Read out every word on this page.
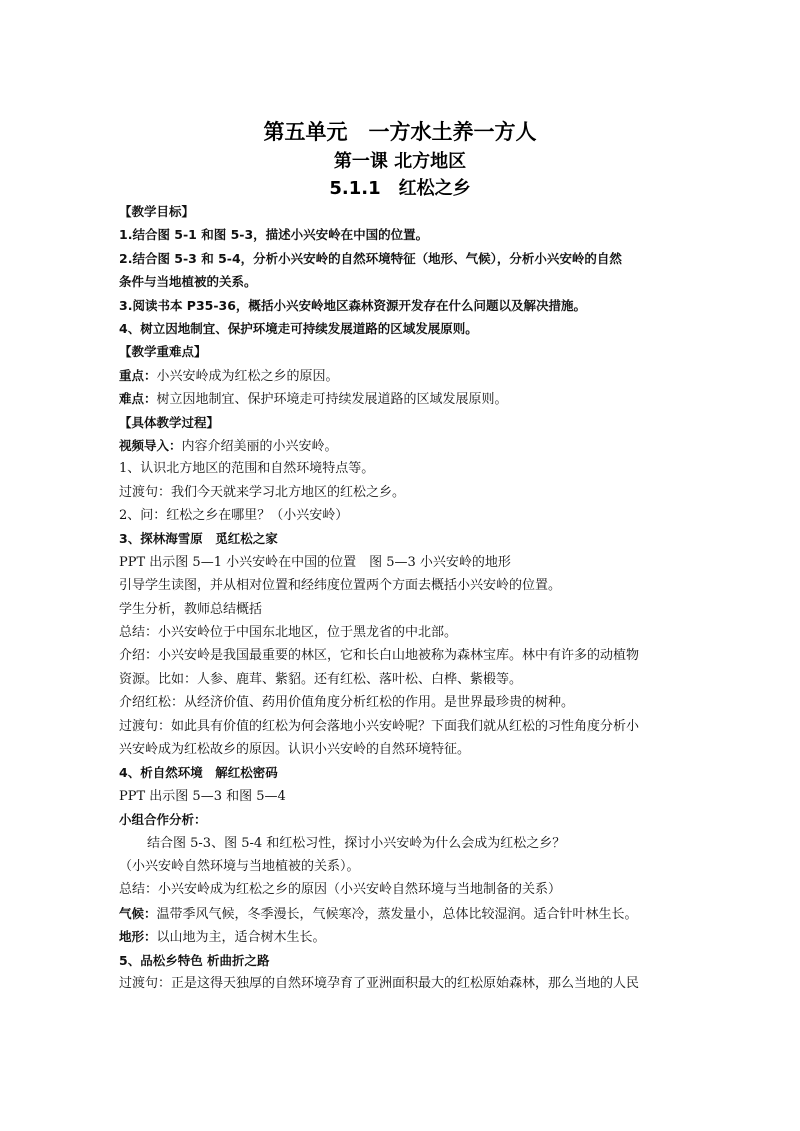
第五单元　一方水土养一方人
第一课 北方地区
5.1.1　红松之乡
【教学目标】
1.结合图 5-1 和图 5-3，描述小兴安岭在中国的位置。
2.结合图 5-3 和 5-4，分析小兴安岭的自然环境特征（地形、气候），分析小兴安岭的自然
条件与当地植被的关系。
3.阅读书本 P35-36，概括小兴安岭地区森林资源开发存在什么问题以及解决措施。
4、树立因地制宜、保护环境走可持续发展道路的区域发展原则。
【教学重难点】
重点：小兴安岭成为红松之乡的原因。
难点：树立因地制宜、保护环境走可持续发展道路的区域发展原则。
【具体教学过程】
视频导入：内容介绍美丽的小兴安岭。
1、认识北方地区的范围和自然环境特点等。
过渡句：我们今天就来学习北方地区的红松之乡。
2、问：红松之乡在哪里？（小兴安岭）
3、探林海雪原　觅红松之家
PPT 出示图 5—1 小兴安岭在中国的位置　图 5—3 小兴安岭的地形
引导学生读图，并从相对位置和经纬度位置两个方面去概括小兴安岭的位置。
学生分析，教师总结概括
总结：小兴安岭位于中国东北地区，位于黑龙省的中北部。
介绍：小兴安岭是我国最重要的林区，它和长白山地被称为森林宝库。林中有许多的动植物
资源。比如：人参、鹿茸、紫貂。还有红松、落叶松、白桦、紫椴等。
介绍红松：从经济价值、药用价值角度分析红松的作用。是世界最珍贵的树种。
过渡句：如此具有价值的红松为何会落地小兴安岭呢？下面我们就从红松的习性角度分析小
兴安岭成为红松故乡的原因。认识小兴安岭的自然环境特征。
4、析自然环境　解红松密码
PPT 出示图 5—3 和图 5—4
小组合作分析：
结合图 5-3、图 5-4 和红松习性，探讨小兴安岭为什么会成为红松之乡？
（小兴安岭自然环境与当地植被的关系）。
总结：小兴安岭成为红松之乡的原因（小兴安岭自然环境与当地制备的关系）
气候：温带季风气候，冬季漫长，气候寒冷，蒸发量小，总体比较湿润。适合针叶林生长。
地形：以山地为主，适合树木生长。
5、品松乡特色 析曲折之路
过渡句：正是这得天独厚的自然环境孕育了亚洲面积最大的红松原始森林，那么当地的人民
